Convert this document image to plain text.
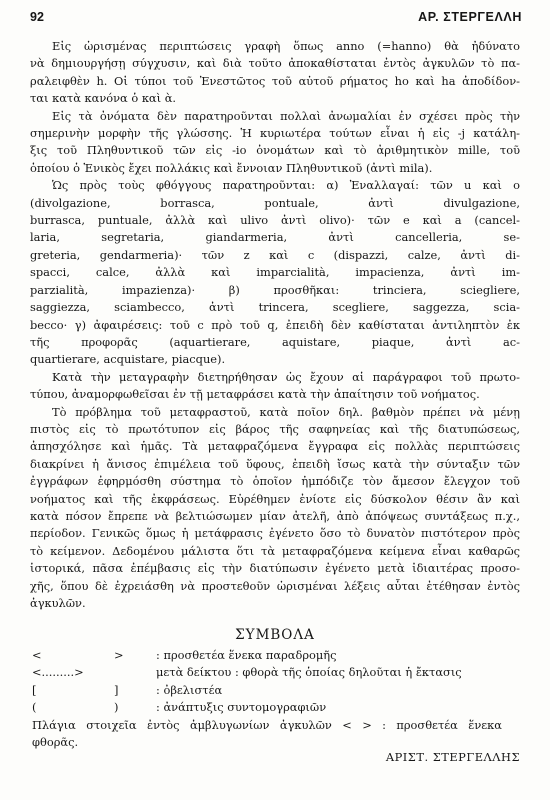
92	ΑΡ. ΣΤΕΡΓΕΛΛΗ

Εἰς ὡρισμένας περιπτώσεις γραφὴ ὅπως anno (=hanno) θὰ ἠδύνατο

νὰ δημιουργήσῃ σύγχυσιν, καὶ διὰ τοῦτο ἀποκαθίσταται ἐντὸς ἀγκυλῶν τὸ πα-

ραλειφθὲν h. Οἱ τύποι τοῦ Ἐνεστῶτος τοῦ αὐτοῦ ρήματος ho καὶ ha ἀποδίδον-

ται κατὰ κανόνα ὁ καὶ ὰ.

Εἰς τὰ ὀνόματα δὲν παρατηροῦνται πολλαὶ ἀνωμαλίαι ἐν σχέσει πρὸς τὴν

σημερινὴν μορφὴν τῆς γλώσσης. Ἡ κυριωτέρα τούτων εἶναι ἡ εἰς -j κατάλη-

ξις τοῦ Πληθυντικοῦ τῶν εἰς -io ὀνομάτων καὶ τὸ ἀριθμητικὸν mille, τοῦ

ὁποίου ὁ Ἑνικὸς ἔχει πολλάκις καὶ ἔννοιαν Πληθυντικοῦ (ἀντὶ mila).

Ὡς πρὸς τοὺς φθόγγους παρατηροῦνται: α) Ἐναλλαγαί: τῶν u καὶ o

(divolgazione, borrasca, pontuale, ἀντὶ divulgazione,

burrasca, puntuale, ἀλλὰ καὶ ulivo ἀντὶ olivo)· τῶν e καὶ a (cancel-

laria, segretaria, giandarmeria, ἀντὶ cancelleria, se-

greteria, gendarmeria)· τῶν z καὶ c (dispazzi, calze, ἀντὶ di-

spacci, calce, ἀλλὰ καὶ imparcialità, impacienza, ἀντὶ im-

parzialità, impazienza)· β) προσθῆκαι: trinciera, sciegliere,

saggiezza, sciambecco, ἀντὶ trincera, scegliere, saggezza, scia-

becco· γ) ἀφαιρέσεις: τοῦ c πρὸ τοῦ q, ἐπειδὴ δὲν καθίσταται ἀντιληπτὸν ἐκ

τῆς προφορᾶς (aquartierare, aquistare, piaque, ἀντὶ ac-

quartierare, acquistare, piacque).

Κατὰ τὴν μεταγραφὴν διετηρήθησαν ὡς ἔχουν αἱ παράγραφοι τοῦ πρωτο-

τύπου, ἀναμορφωθεῖσαι ἐν τῇ μεταφράσει κατὰ τὴν ἀπαίτησιν τοῦ νοήματος.

Τὸ πρόβλημα τοῦ μεταφραστοῦ, κατὰ ποῖον δηλ. βαθμὸν πρέπει νὰ μένῃ

πιστὸς εἰς τὸ πρωτότυπον εἰς βάρος τῆς σαφηνείας καὶ τῆς διατυπώσεως,

ἀπησχόλησε καὶ ἡμᾶς. Τὰ μεταφραζόμενα ἔγγραφα εἰς πολλὰς περιπτώσεις

διακρίνει ἡ ἄνισος ἐπιμέλεια τοῦ ὕφους, ἐπειδὴ ἴσως κατὰ τὴν σύνταξιν τῶν

ἐγγράφων ἐφηρμόσθη σύστημα τὸ ὁποῖον ἠμπόδιζε τὸν ἄμεσον ἔλεγχον τοῦ

νοήματος καὶ τῆς ἐκφράσεως. Εὑρέθημεν ἐνίοτε εἰς δύσκολον θέσιν ἂν καὶ

κατὰ πόσον ἔπρεπε νὰ βελτιώσωμεν μίαν ἀτελῆ, ἀπὸ ἀπόψεως συντάξεως π.χ.,

περίοδον. Γενικῶς ὅμως ἡ μετάφρασις ἐγένετο ὅσο τὸ δυνατὸν πιστότερον πρὸς

τὸ κείμενον. Δεδομένου μάλιστα ὅτι τὰ μεταφραζόμενα κείμενα εἶναι καθαρῶς

ἱστορικά, πᾶσα ἐπέμβασις εἰς τὴν διατύπωσιν ἐγένετο μετὰ ἰδιαιτέρας προσο-

χῆς, ὅπου δὲ ἐχρειάσθη νὰ προστεθοῦν ὡρισμέναι λέξεις αὗται ἐτέθησαν ἐντὸς

ἀγκυλῶν.

ΣΥΜΒΟΛΑ
<	>	: προσθετέα ἕνεκα παραδρομῆς
<.........>	μετὰ δείκτου : φθορὰ τῆς ὁποίας δηλοῦται ἡ ἔκτασις
[	]	: ὀβελιστέα
(	)	: ἀνάπτυξις συντομογραφιῶν
Πλάγια στοιχεῖα ἐντὸς ἀμβλυγωνίων ἀγκυλῶν < > : προσθετέα ἕνεκα
φθορᾶς.
ΑΡΙΣΤ. ΣΤΕΡΓΕΛΛΗΣ
